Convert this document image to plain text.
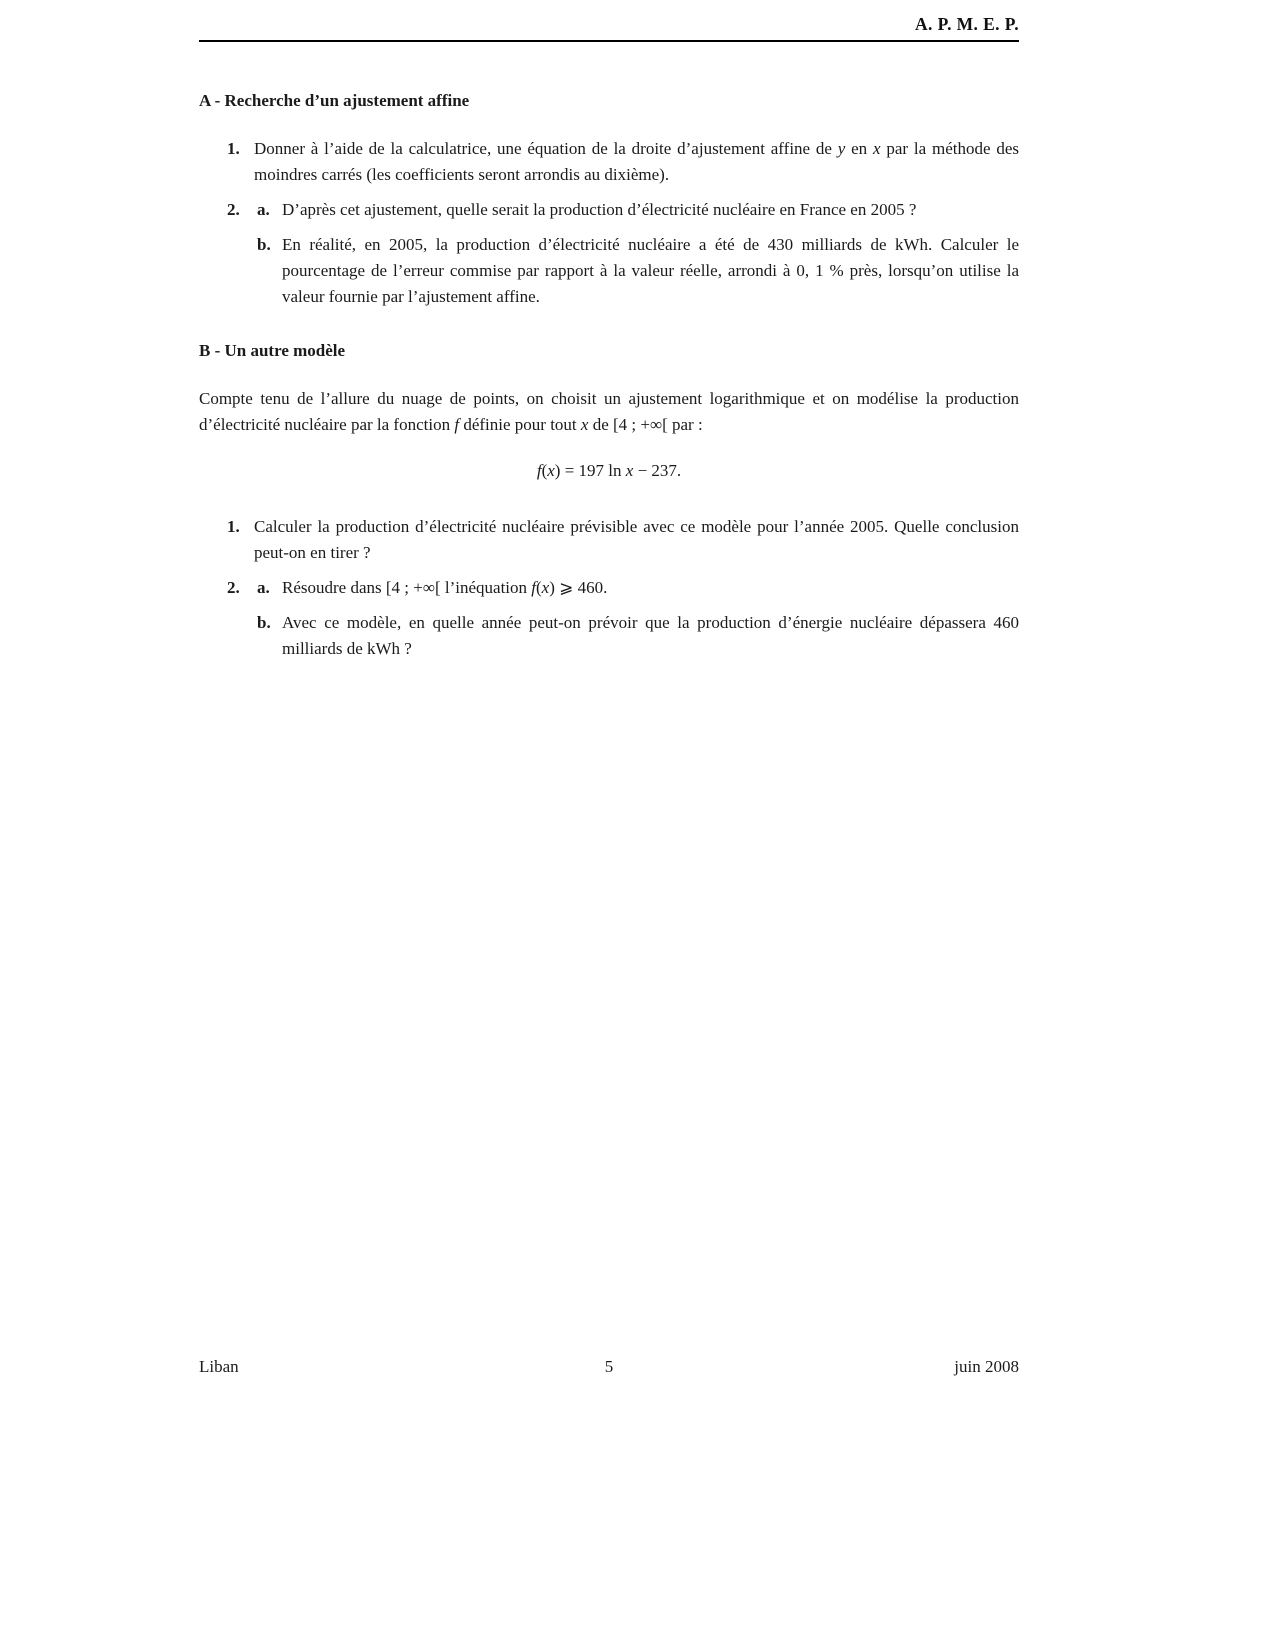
A. P. M. E. P.
A - Recherche d’un ajustement affine
1. Donner à l’aide de la calculatrice, une équation de la droite d’ajustement affine de y en x par la méthode des moindres carrés (les coefficients seront arrondis au dixième).
2.	a. D’après cet ajustement, quelle serait la production d’électricité nucléaire en France en 2005 ?
b. En réalité, en 2005, la production d’électricité nucléaire a été de 430 milliards de kWh. Calculer le pourcentage de l’erreur commise par rapport à la valeur réelle, arrondi à 0, 1 % près, lorsqu’on utilise la valeur fournie par l’ajustement affine.
B - Un autre modèle

Compte tenu de l’allure du nuage de points, on choisit un ajustement logarithmique et on modélise la production d’électricité nucléaire par la fonction f définie pour tout x de [4 ; +∞[ par :

f(x) = 197 ln x − 237.
1. Calculer la production d’électricité nucléaire prévisible avec ce modèle pour l’année 2005. Quelle conclusion peut-on en tirer ?
2.	a. Résoudre dans [4 ; +∞[ l’inéquation f(x) ⩾ 460.
b. Avec ce modèle, en quelle année peut-on prévoir que la production d’énergie nucléaire dépassera 460 milliards de kWh ?
Liban	5	juin 2008
